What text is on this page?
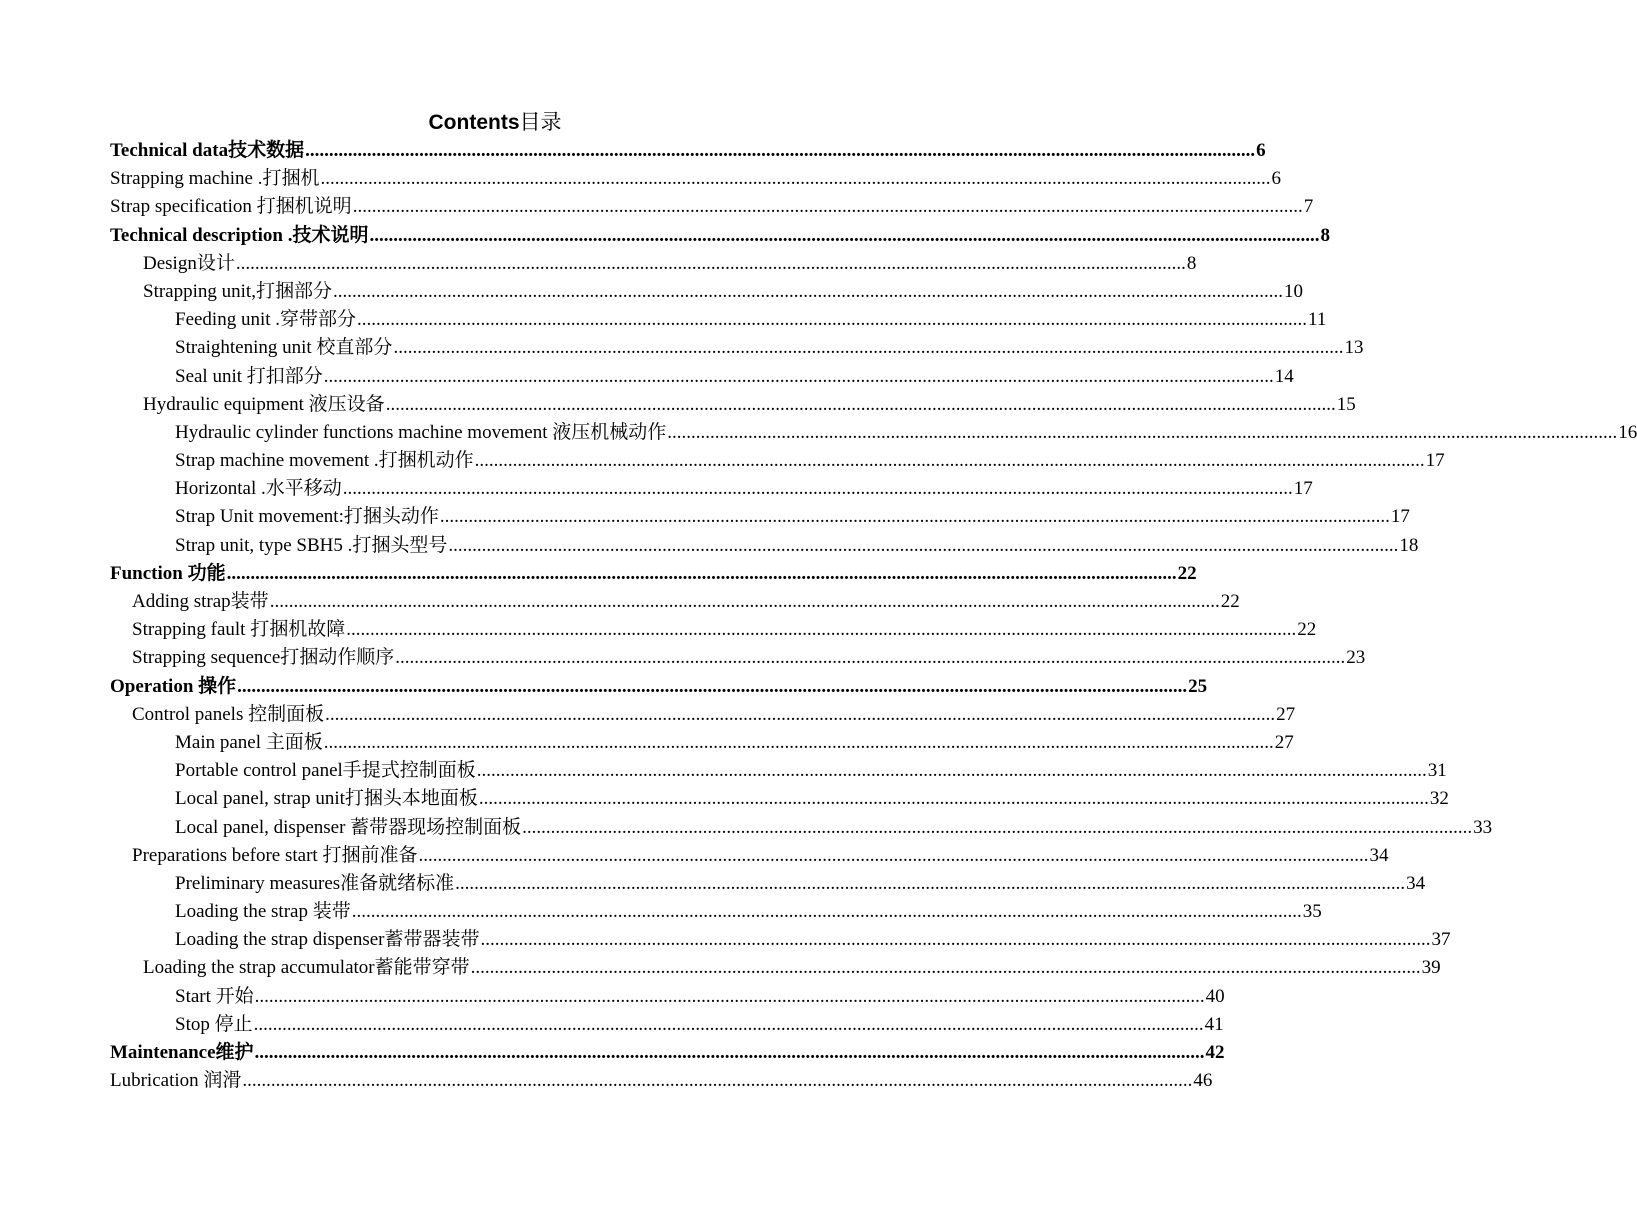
Contents目录
Technical data技术数据 ........................................................................................................................................................................................................ 6
Strapping machine .打捆机 ........................................................................................................................................................................................................ 6
Strap specification 打捆机说明 ........................................................................................................................................................................................................ 7
Technical description .技术说明 ........................................................................................................................................................................................................ 8
Design设计 ........................................................................................................................................................................................................ 8
Strapping unit,打捆部分 ........................................................................................................................................................................................................ 10
Feeding unit .穿带部分 ........................................................................................................................................................................................................ 11
Straightening unit 校直部分 ........................................................................................................................................................................................................ 13
Seal unit 打扣部分 ........................................................................................................................................................................................................ 14
Hydraulic equipment 液压设备 ........................................................................................................................................................................................................ 15
Hydraulic cylinder functions machine movement 液压机械动作 ........................................................................................................................................................................................................ 16
Strap machine movement .打捆机动作 ........................................................................................................................................................................................................ 17
Horizontal .水平移动 ........................................................................................................................................................................................................ 17
Strap Unit movement:打捆头动作 ........................................................................................................................................................................................................ 17
Strap unit, type SBH5 .打捆头型号 ........................................................................................................................................................................................................ 18
Function 功能 ........................................................................................................................................................................................................ 22
Adding strap装带 ........................................................................................................................................................................................................ 22
Strapping fault 打捆机故障 ........................................................................................................................................................................................................ 22
Strapping sequence打捆动作顺序 ........................................................................................................................................................................................................ 23
Operation 操作 ........................................................................................................................................................................................................ 25
Control panels 控制面板 ........................................................................................................................................................................................................ 27
Main panel 主面板 ........................................................................................................................................................................................................ 27
Portable control panel手提式控制面板 ........................................................................................................................................................................................................ 31
Local panel, strap unit打捆头本地面板 ........................................................................................................................................................................................................ 32
Local panel, dispenser 蓄带器现场控制面板 ........................................................................................................................................................................................................ 33
Preparations before start 打捆前准备 ........................................................................................................................................................................................................ 34
Preliminary measures准备就绪标准 ........................................................................................................................................................................................................ 34
Loading the strap 装带 ........................................................................................................................................................................................................ 35
Loading the strap dispenser蓄带器装带 ........................................................................................................................................................................................................ 37
Loading the strap accumulator蓄能带穿带 ........................................................................................................................................................................................................ 39
Start 开始 ........................................................................................................................................................................................................ 40
Stop 停止 ........................................................................................................................................................................................................ 41
Maintenance维护 ........................................................................................................................................................................................................ 42
Lubrication 润滑 ........................................................................................................................................................................................................ 46
